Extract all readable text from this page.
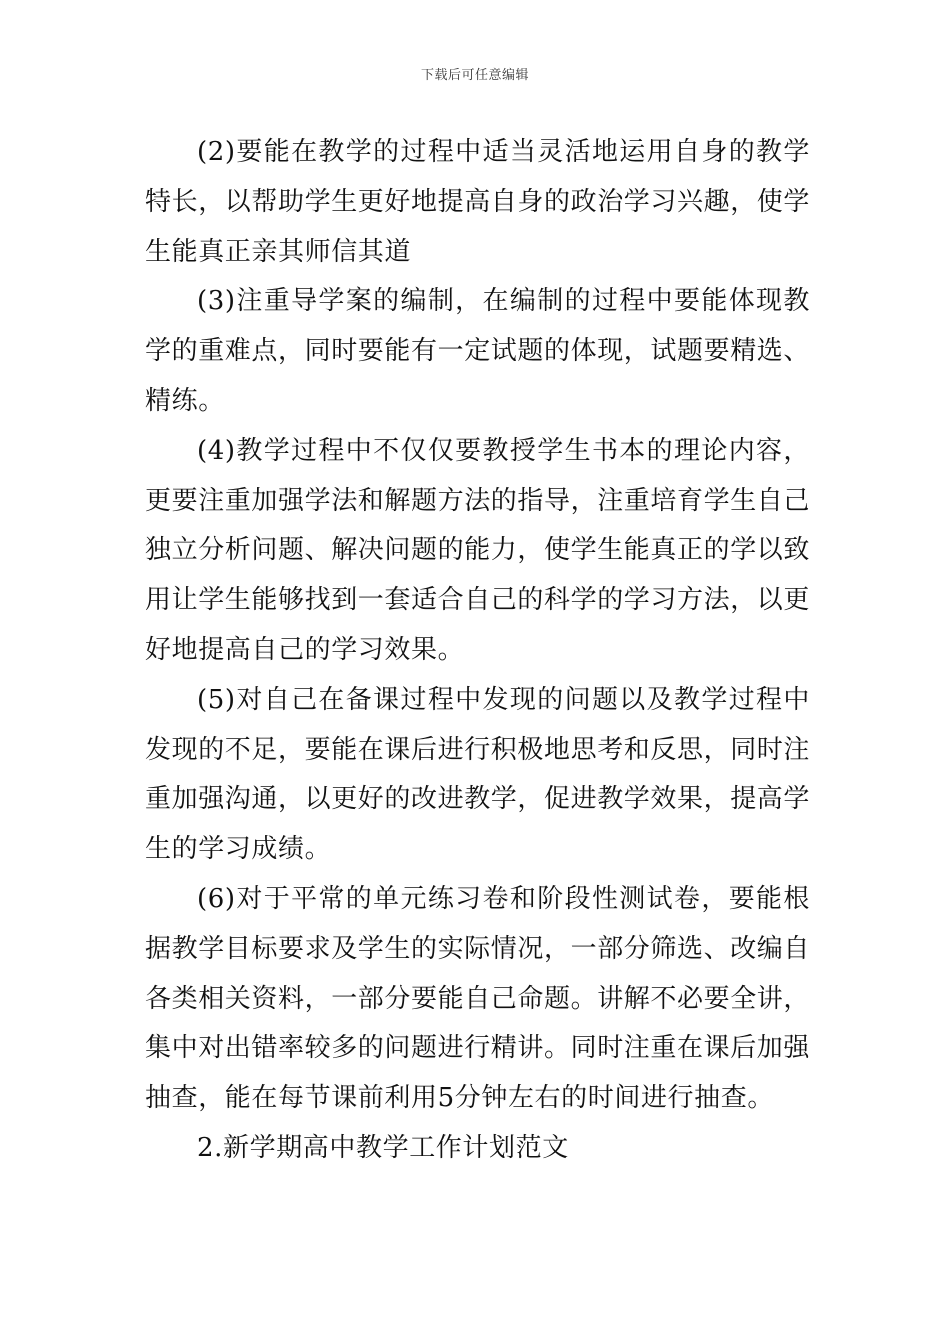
下载后可任意编辑

(2)要能在教学的过程中适当灵活地运用自身的教学特长，以帮助学生更好地提高自身的政治学习兴趣，使学生能真正亲其师信其道

(3)注重导学案的编制，在编制的过程中要能体现教学的重难点，同时要能有一定试题的体现，试题要精选、精练。

(4)教学过程中不仅仅要教授学生书本的理论内容，更要注重加强学法和解题方法的指导，注重培育学生自己独立分析问题、解决问题的能力，使学生能真正的学以致用让学生能够找到一套适合自己的科学的学习方法，以更好地提高自己的学习效果。

(5)对自己在备课过程中发现的问题以及教学过程中发现的不足，要能在课后进行积极地思考和反思，同时注重加强沟通，以更好的改进教学，促进教学效果，提高学生的学习成绩。

(6)对于平常的单元练习卷和阶段性测试卷，要能根据教学目标要求及学生的实际情况，一部分筛选、改编自各类相关资料，一部分要能自己命题。讲解不必要全讲，集中对出错率较多的问题进行精讲。同时注重在课后加强抽查，能在每节课前利用5分钟左右的时间进行抽查。

2.新学期高中教学工作计划范文
